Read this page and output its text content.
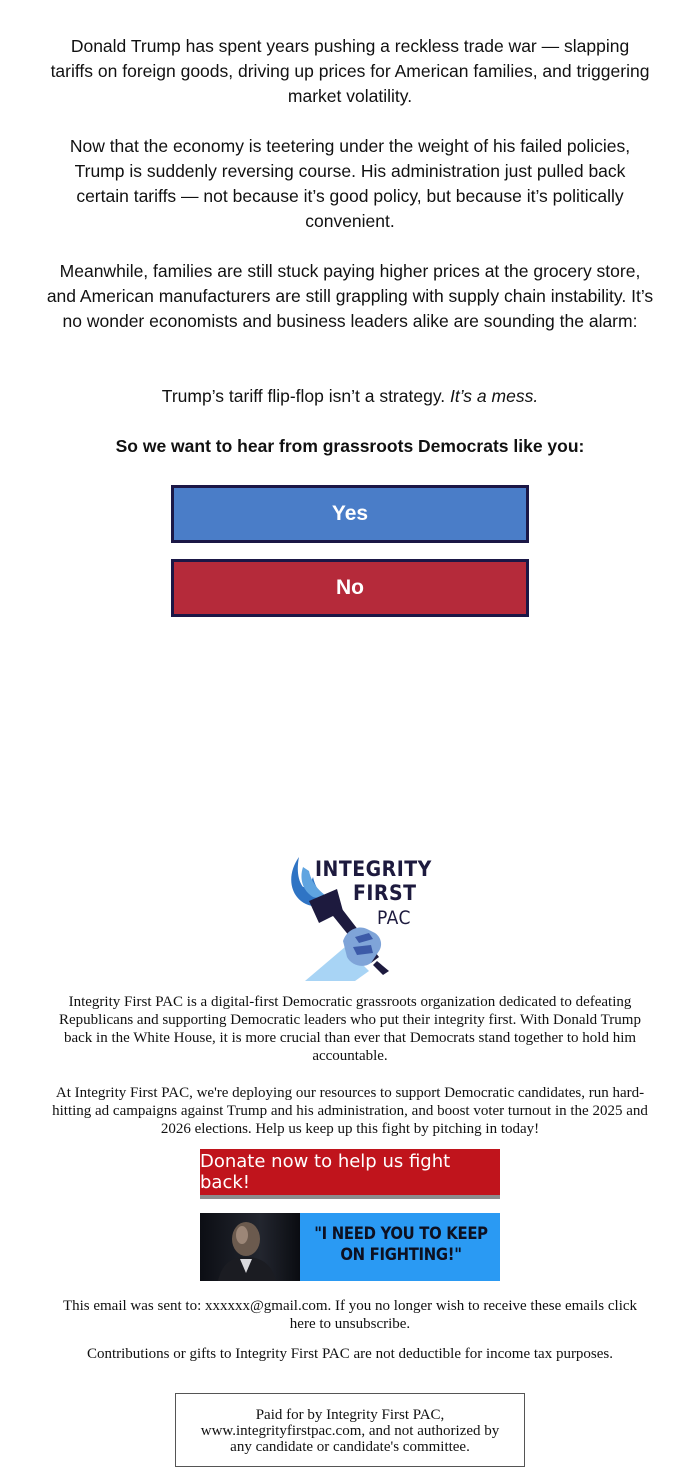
Donald Trump has spent years pushing a reckless trade war — slapping tariffs on foreign goods, driving up prices for American families, and triggering market volatility.

Now that the economy is teetering under the weight of his failed policies, Trump is suddenly reversing course. His administration just pulled back certain tariffs — not because it’s good policy, but because it’s politically convenient.

Meanwhile, families are still stuck paying higher prices at the grocery store, and American manufacturers are still grappling with supply chain instability. It’s no wonder economists and business leaders alike are sounding the alarm:

Trump’s tariff flip-flop isn’t a strategy. It’s a mess.

So we want to hear from grassroots Democrats like you:

Yes
No
INTEGRITY
FIRST
PAC

Integrity First PAC is a digital-first Democratic grassroots organization dedicated to defeating Republicans and supporting Democratic leaders who put their integrity first. With Donald Trump back in the White House, it is more crucial than ever that Democrats stand together to hold him accountable.

At Integrity First PAC, we're deploying our resources to support Democratic candidates, run hard-hitting ad campaigns against Trump and his administration, and boost voter turnout in the 2025 and 2026 elections. Help us keep up this fight by pitching in today!

Donate now to help us fight back!
"I NEED YOU TO KEEP ON FIGHTING!"

This email was sent to: xxxxxx@gmail.com. If you no longer wish to receive these emails click here to unsubscribe.

Contributions or gifts to Integrity First PAC are not deductible for income tax purposes.

Paid for by Integrity First PAC, www.integrityfirstpac.com, and not authorized by any candidate or candidate's committee.
